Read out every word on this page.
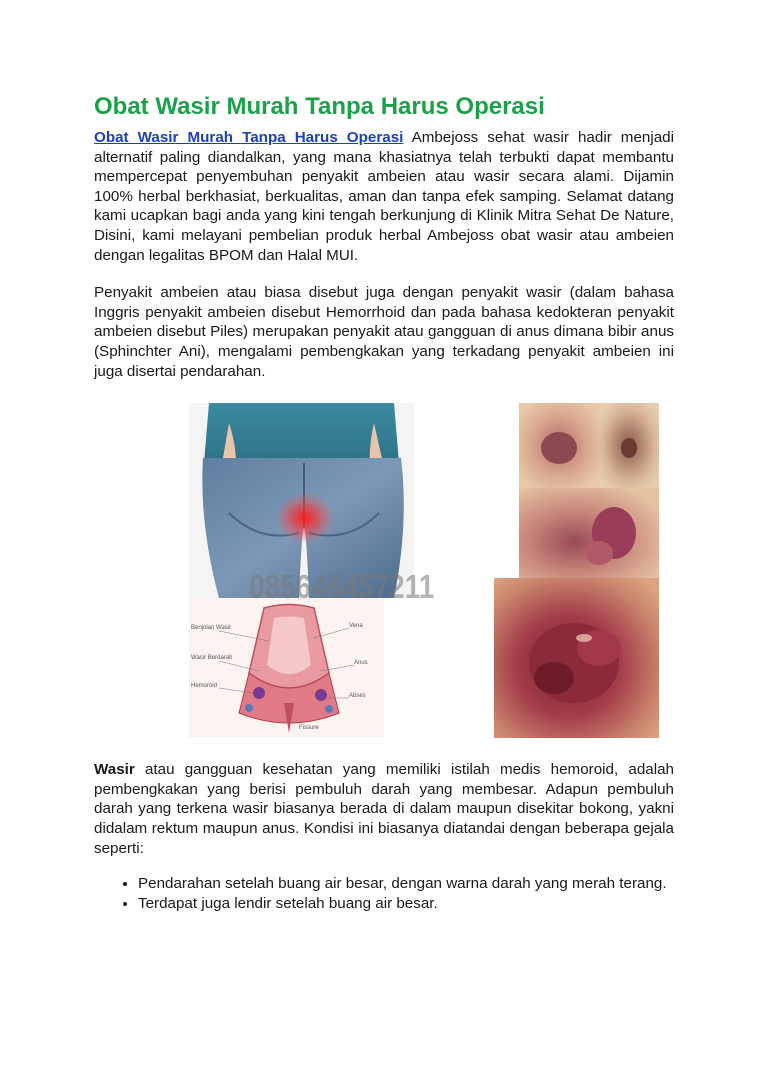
Obat Wasir Murah Tanpa Harus Operasi

Obat Wasir Murah Tanpa Harus Operasi Ambejoss sehat wasir hadir menjadi alternatif paling diandalkan, yang mana khasiatnya telah terbukti dapat membantu mempercepat penyembuhan penyakit ambeien atau wasir secara alami. Dijamin 100% herbal berkhasiat, berkualitas, aman dan tanpa efek samping. Selamat datang kami ucapkan bagi anda yang kini tengah berkunjung di Klinik Mitra Sehat De Nature, Disini, kami melayani pembelian produk herbal Ambejoss obat wasir atau ambeien dengan legalitas BPOM dan Halal MUI.

Penyakit ambeien atau biasa disebut juga dengan penyakit wasir (dalam bahasa Inggris penyakit ambeien disebut Hemorrhoid dan pada bahasa kedokteran penyakit ambeien disebut Piles) merupakan penyakit atau gangguan di anus dimana bibir anus (Sphinchter Ani), mengalami pembengkakan yang terkadang penyakit ambeien ini juga disertai pendarahan.

085646457211
Benjolan Wasir
Wasir Berdarah
Hemoroid
Vena
Anus
Fissure
Abses

Wasir atau gangguan kesehatan yang memiliki istilah medis hemoroid, adalah pembengkakan yang berisi pembuluh darah yang membesar. Adapun pembuluh darah yang terkena wasir biasanya berada di dalam maupun disekitar bokong, yakni didalam rektum maupun anus. Kondisi ini biasanya diatandai dengan beberapa gejala seperti:

• Pendarahan setelah buang air besar, dengan warna darah yang merah terang.
• Terdapat juga lendir setelah buang air besar.
